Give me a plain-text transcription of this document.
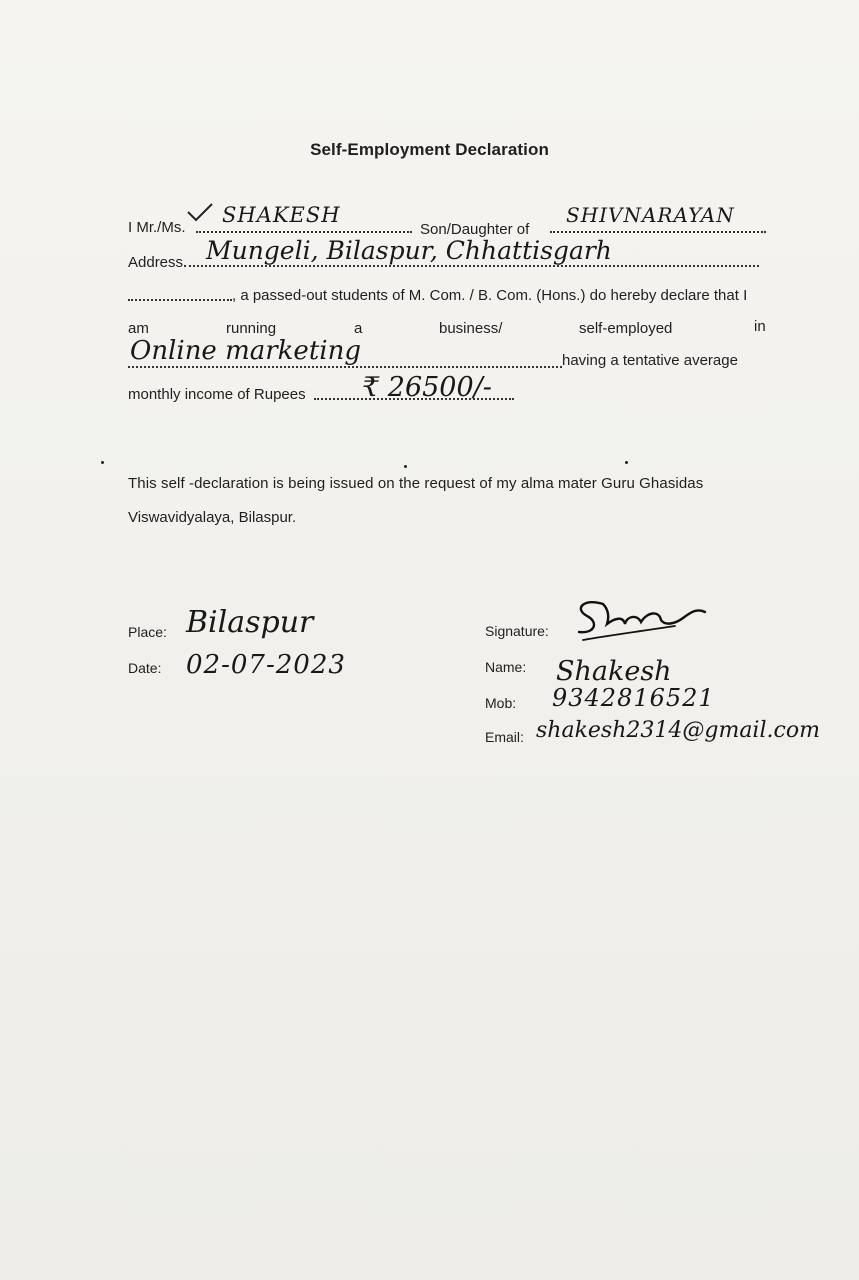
Self-Employment Declaration
I Mr./Ms.
SHAKESH
Son/Daughter of
SHIVNARAYAN
Address Mungeli, Bilaspur, Chhattisgarh
, a passed-out students of M. Com. / B. Com. (Hons.) do hereby declare that I
am	running	a	business/	self-employed	in
Online marketing	having a tentative average
monthly income of Rupees ₹ 26500/-
This self -declaration is being issued on the request of my alma mater Guru Ghasidas
Viswavidyalaya, Bilaspur.
Place: Bilaspur
Date: 02-07-2023
Signature:
Name: Shakesh
Mob: 9342816521
Email: shakesh2314@gmail.com
